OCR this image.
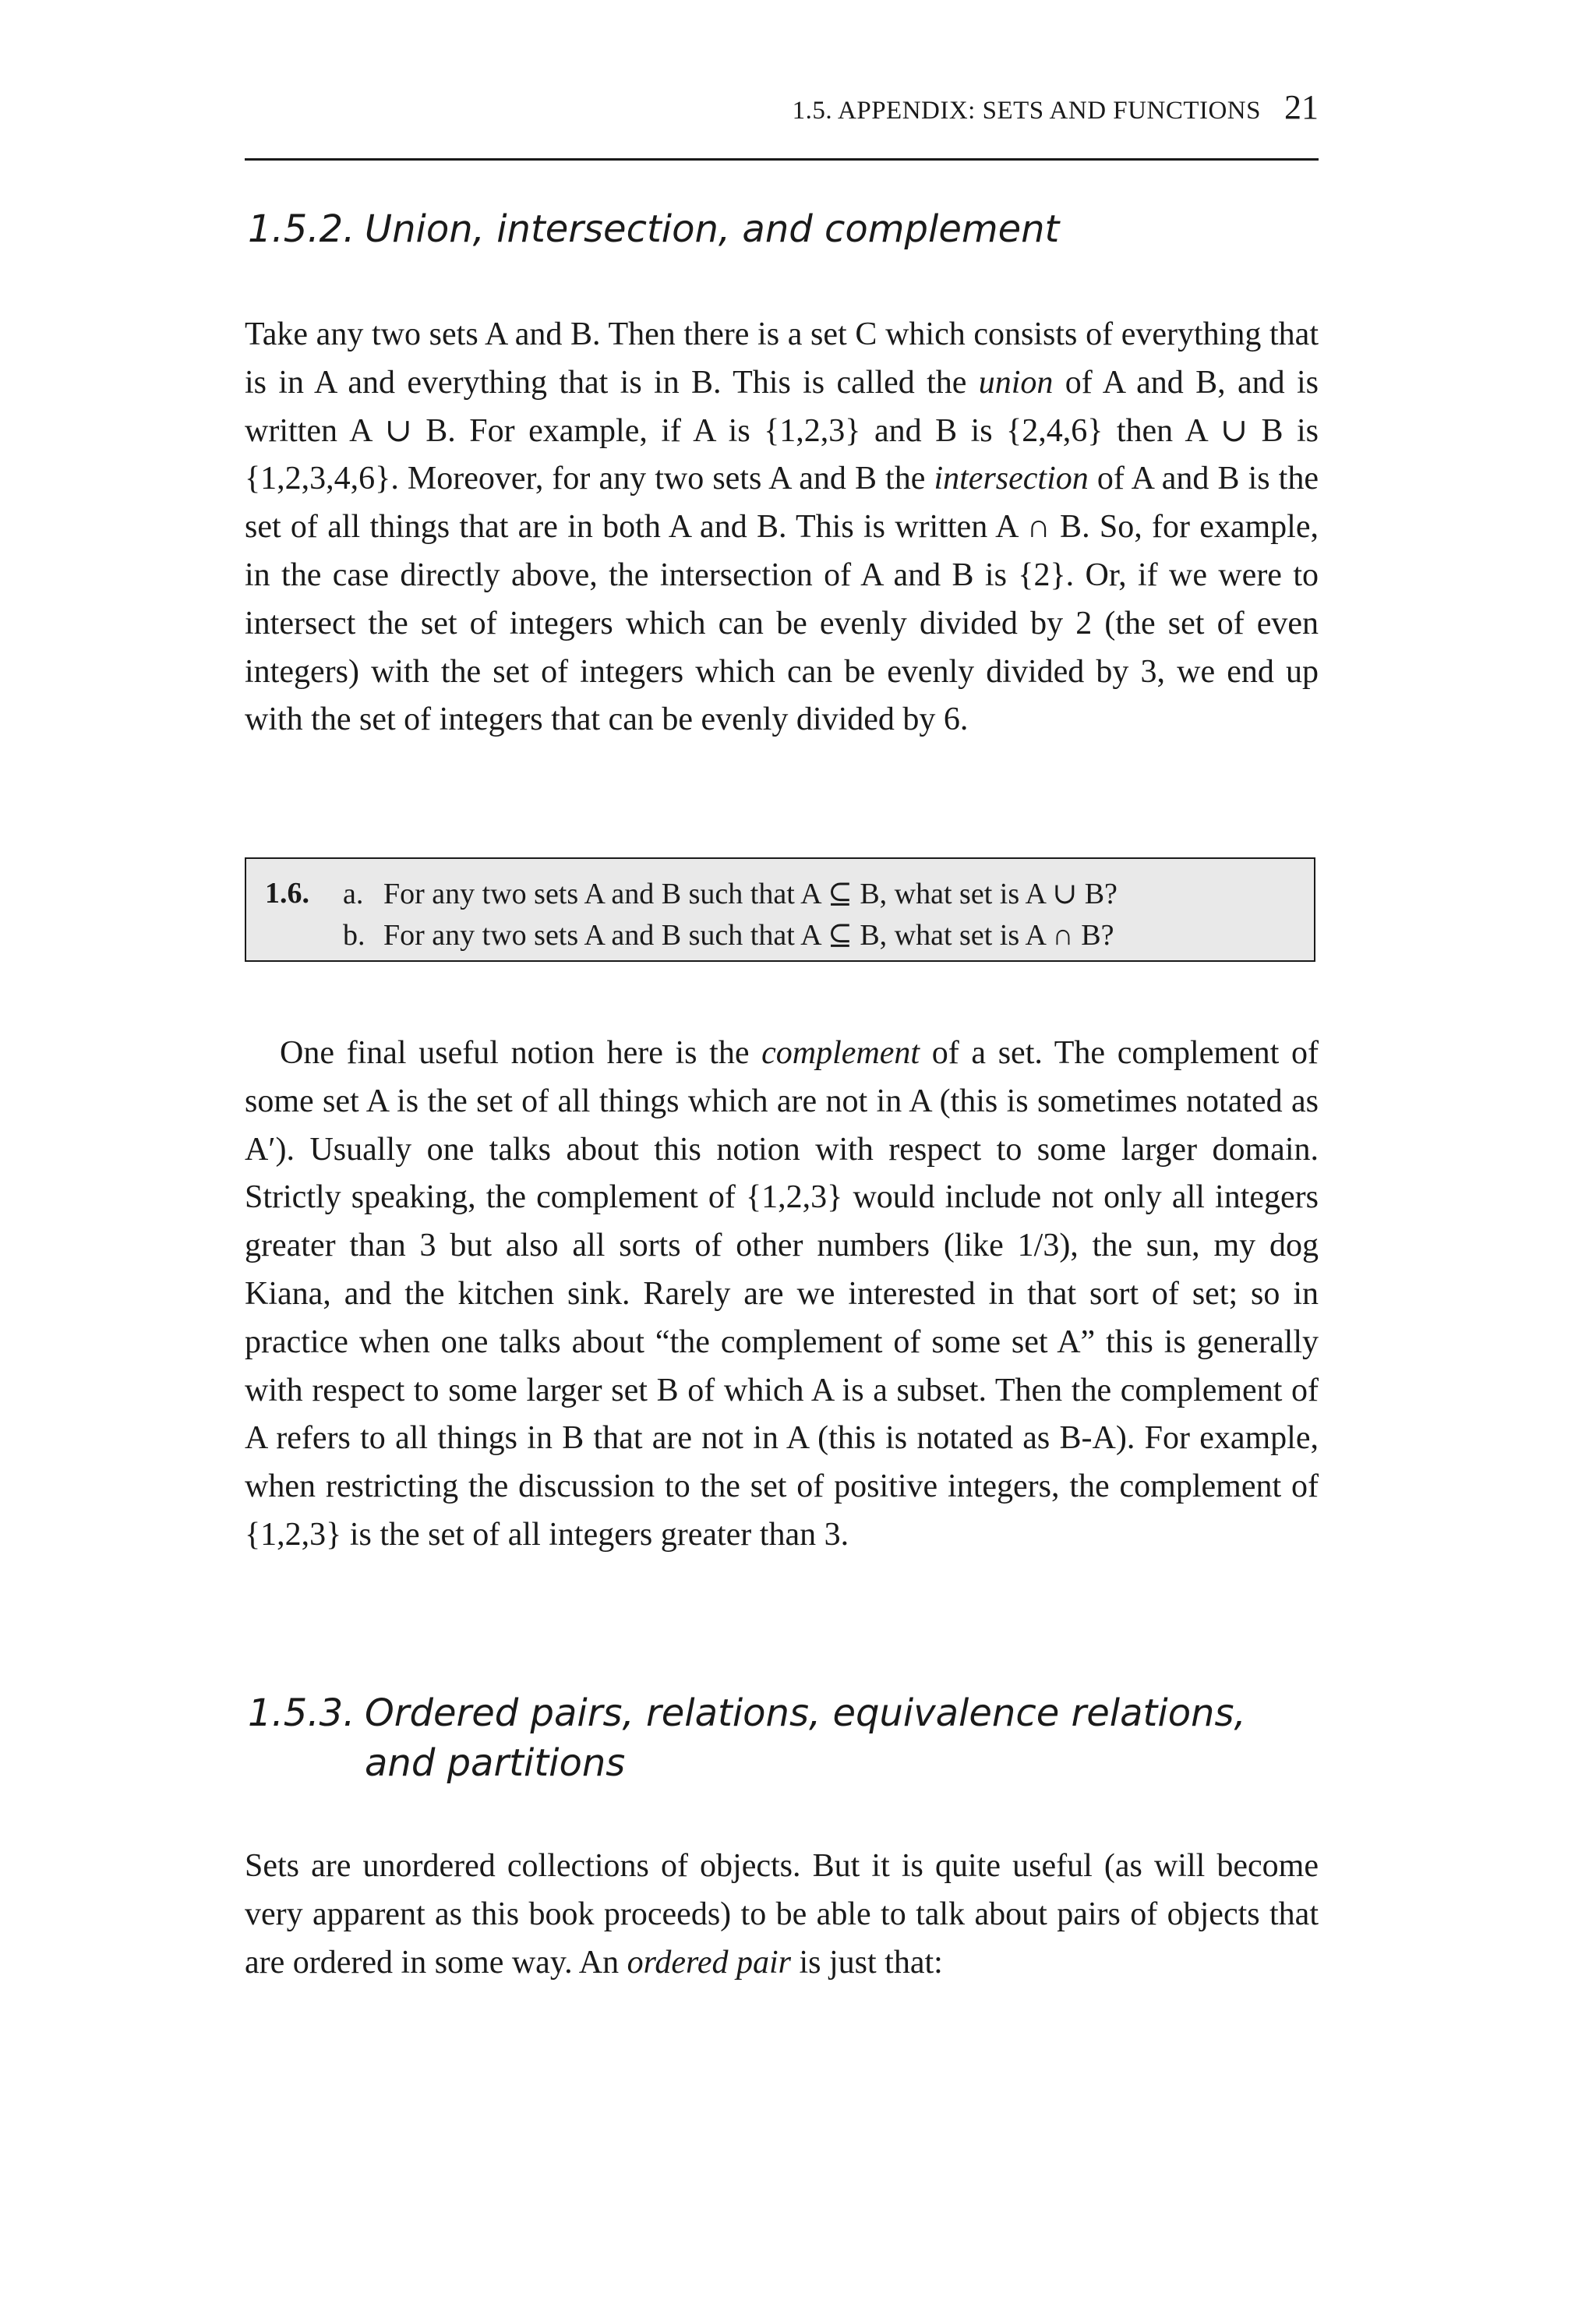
1.5. APPENDIX: SETS AND FUNCTIONS 21
1.5.2. Union, intersection, and complement

Take any two sets A and B. Then there is a set C which consists of everything that is in A and everything that is in B. This is called the union of A and B, and is written A ∪ B. For example, if A is {1,2,3} and B is {2,4,6} then A ∪ B is {1,2,3,4,6}. Moreover, for any two sets A and B the intersection of A and B is the set of all things that are in both A and B. This is written A ∩ B. So, for example, in the case directly above, the intersection of A and B is {2}. Or, if we were to intersect the set of integers which can be evenly divided by 2 (the set of even integers) with the set of integers which can be evenly divided by 3, we end up with the set of integers that can be evenly divided by 6.

1.6. a. For any two sets A and B such that A ⊆ B, what set is A ∪ B?
b. For any two sets A and B such that A ⊆ B, what set is A ∩ B?

One final useful notion here is the complement of a set. The complement of some set A is the set of all things which are not in A (this is sometimes notated as A′). Usually one talks about this notion with respect to some larger domain. Strictly speaking, the complement of {1,2,3} would include not only all integers greater than 3 but also all sorts of other numbers (like 1/3), the sun, my dog Kiana, and the kitchen sink. Rarely are we interested in that sort of set; so in practice when one talks about “the complement of some set A” this is generally with respect to some larger set B of which A is a subset. Then the complement of A refers to all things in B that are not in A (this is notated as B-A). For example, when restricting the discussion to the set of positive integers, the complement of {1,2,3} is the set of all integers greater than 3.

1.5.3. Ordered pairs, relations, equivalence relations,
and partitions

Sets are unordered collections of objects. But it is quite useful (as will become very apparent as this book proceeds) to be able to talk about pairs of objects that are ordered in some way. An ordered pair is just that:
